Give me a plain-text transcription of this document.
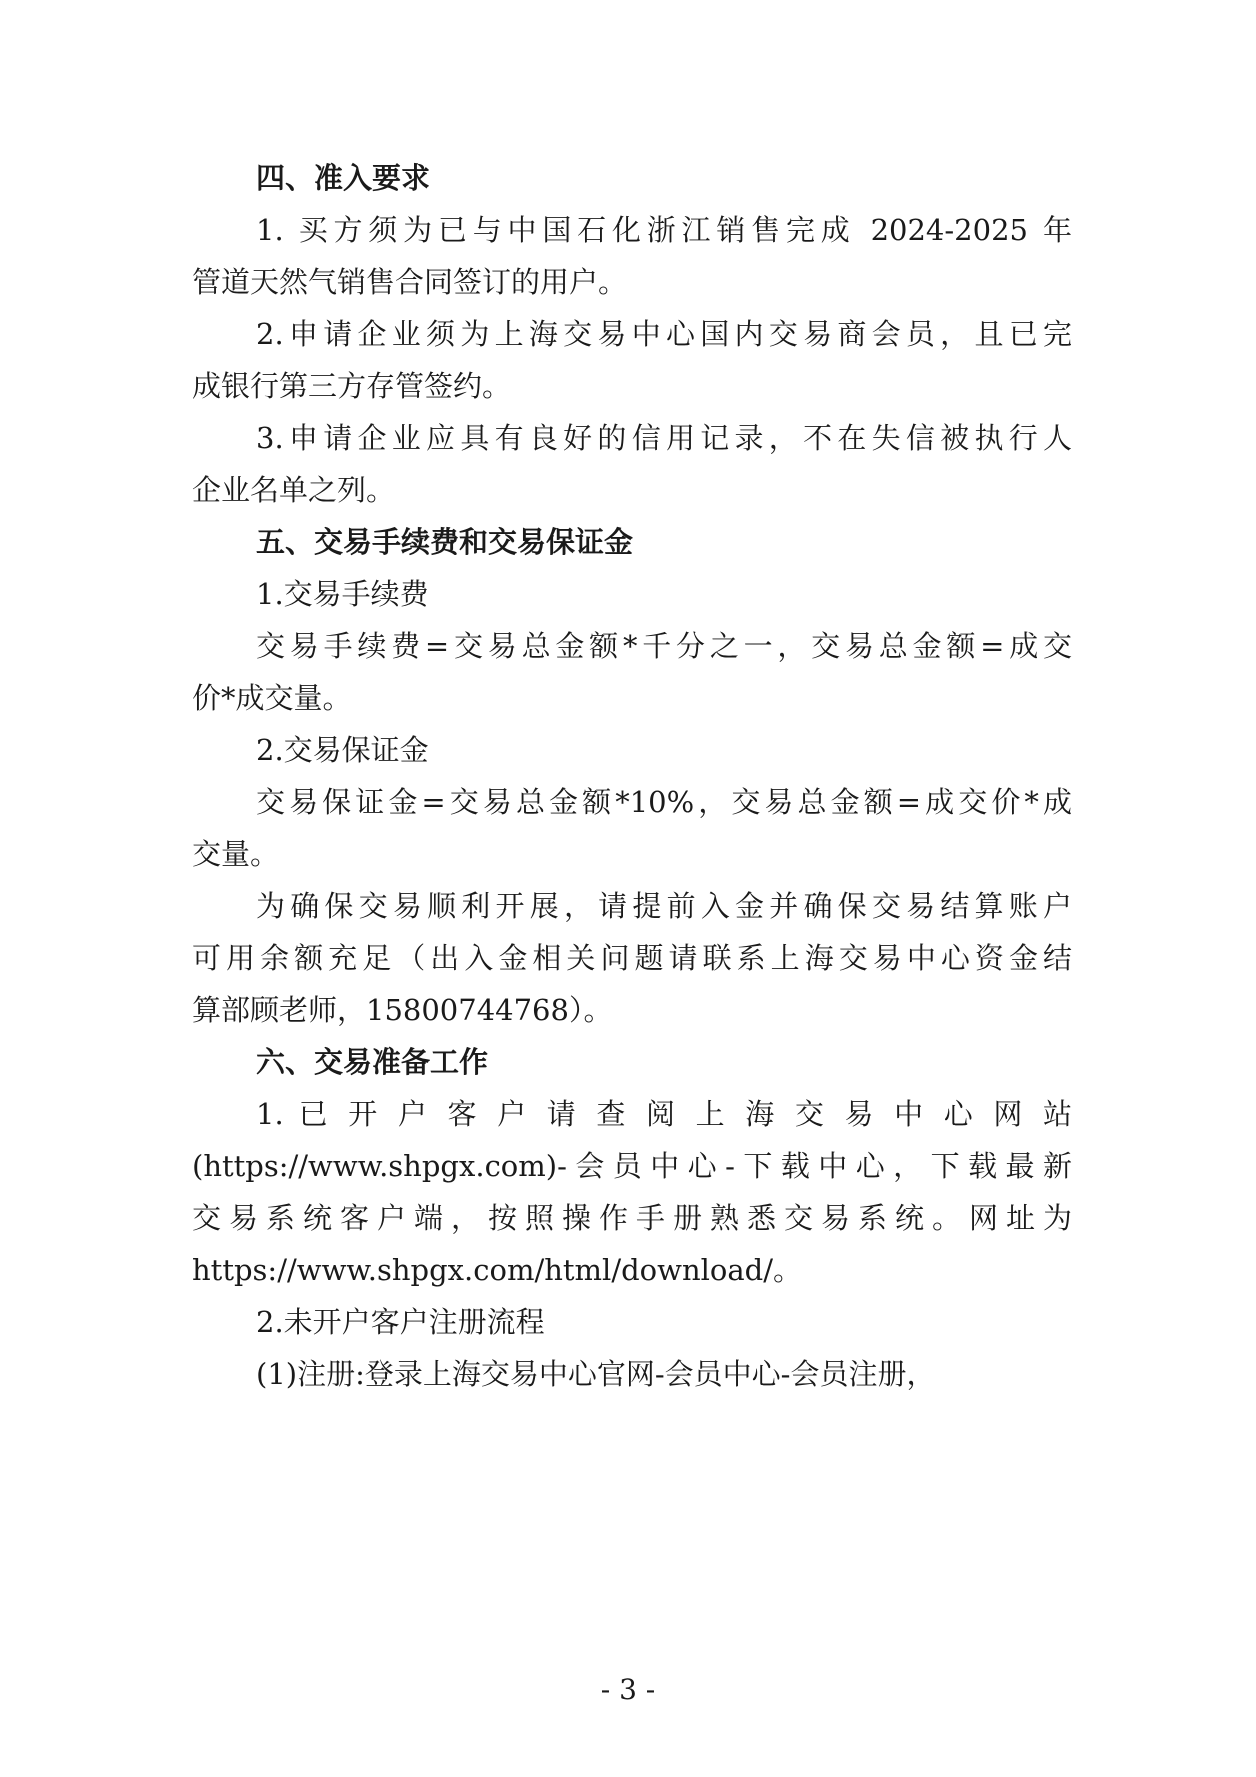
四、准入要求
1. 买方须为已与中国石化浙江销售完成 2024-2025 年
管道天然气销售合同签订的用户。
2.申请企业须为上海交易中心国内交易商会员，且已完
成银行第三方存管签约。
3.申请企业应具有良好的信用记录，不在失信被执行人
企业名单之列。
五、交易手续费和交易保证金
1.交易手续费
交易手续费=交易总金额*千分之一，交易总金额=成交
价*成交量。
2.交易保证金
交易保证金=交易总金额*10%，交易总金额=成交价*成
交量。
为确保交易顺利开展，请提前入金并确保交易结算账户
可用余额充足（出入金相关问题请联系上海交易中心资金结
算部顾老师，15800744768）。
六、交易准备工作
1. 已 开 户 客 户 请 查 阅 上 海 交 易 中 心 网 站
(https://www.shpgx.com)-会员中心-下载中心，下载最新
交易系统客户端，按照操作手册熟悉交易系统。网址为
https://www.shpgx.com/html/download/。
2.未开户客户注册流程
(1)注册:登录上海交易中心官网-会员中心-会员注册，
- 3 -
